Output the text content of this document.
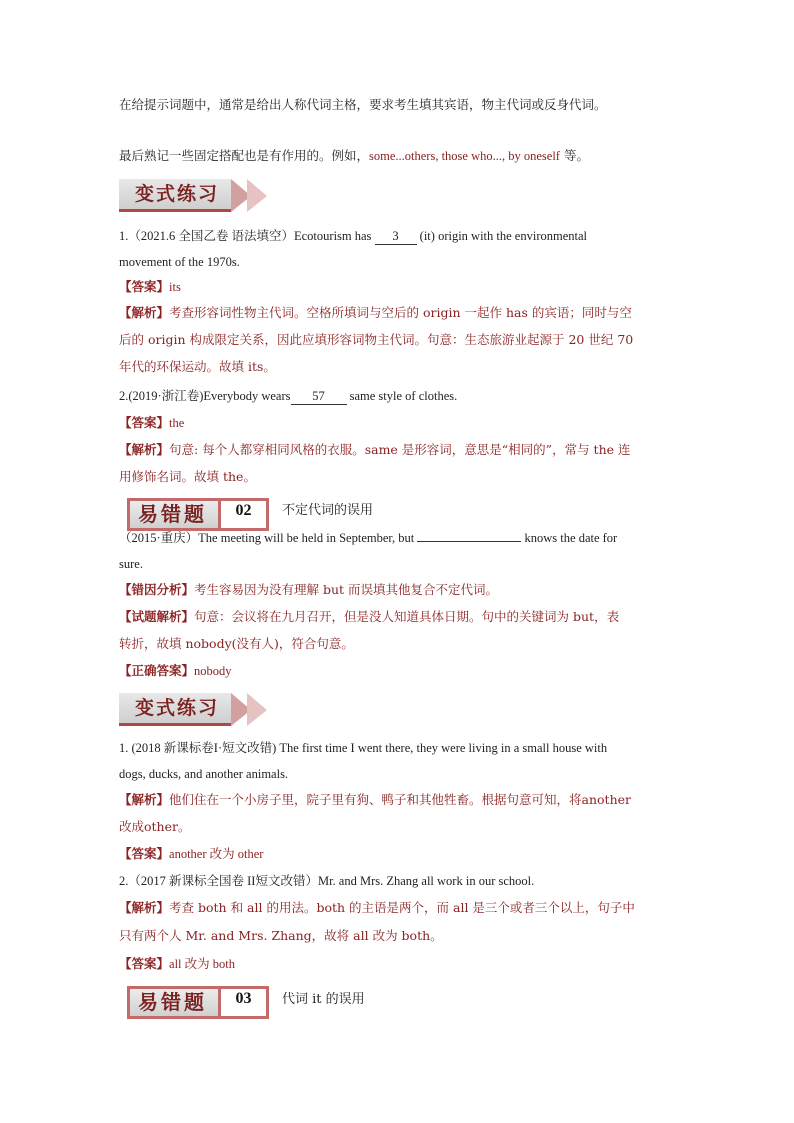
在给提示词题中，通常是给出人称代词主格，要求考生填其宾语，物主代词或反身代词。
最后熟记一些固定搭配也是有作用的。例如，some...others, those who..., by oneself 等。
变式练习
1.（2021.6 全国乙卷 语法填空）Ecotourism has 3 (it) origin with the environmental
movement of the 1970s.
【答案】its
【解析】考查形容词性物主代词。空格所填词与空后的 origin 一起作 has 的宾语；同时与空
后的 origin 构成限定关系，因此应填形容词物主代词。句意：生态旅游业起源于 20 世纪 70
年代的环保运动。故填 its。
2.(2019·浙江卷)Everybody wears 57 same style of clothes.
【答案】the
【解析】句意: 每个人都穿相同风格的衣服。same 是形容词，意思是“相同的”，常与 the 连
用修饰名词。故填 the。
易错题	02	不定代词的误用
（2015·重庆）The meeting will be held in September, but	knows the date for
sure.
【错因分析】考生容易因为没有理解 but 而误填其他复合不定代词。
【试题解析】句意：会议将在九月召开，但是没人知道具体日期。句中的关键词为 but，表
转折，故填 nobody(没有人)，符合句意。
【正确答案】nobody
变式练习
1. (2018 新课标卷I·短文改错) The first time I went there, they were living in a small house with
dogs, ducks, and another animals.
【解析】他们住在一个小房子里，院子里有狗、鸭子和其他牲畜。根据句意可知，将another
改成other。
【答案】another 改为 other
2.（2017 新课标全国卷 II短文改错）Mr. and Mrs. Zhang all work in our school.
【解析】考查 both 和 all 的用法。both 的主语是两个，而 all 是三个或者三个以上，句子中
只有两个人 Mr. and Mrs. Zhang，故将 all 改为 both。
【答案】all 改为 both
易错题	03	代词 it 的误用
